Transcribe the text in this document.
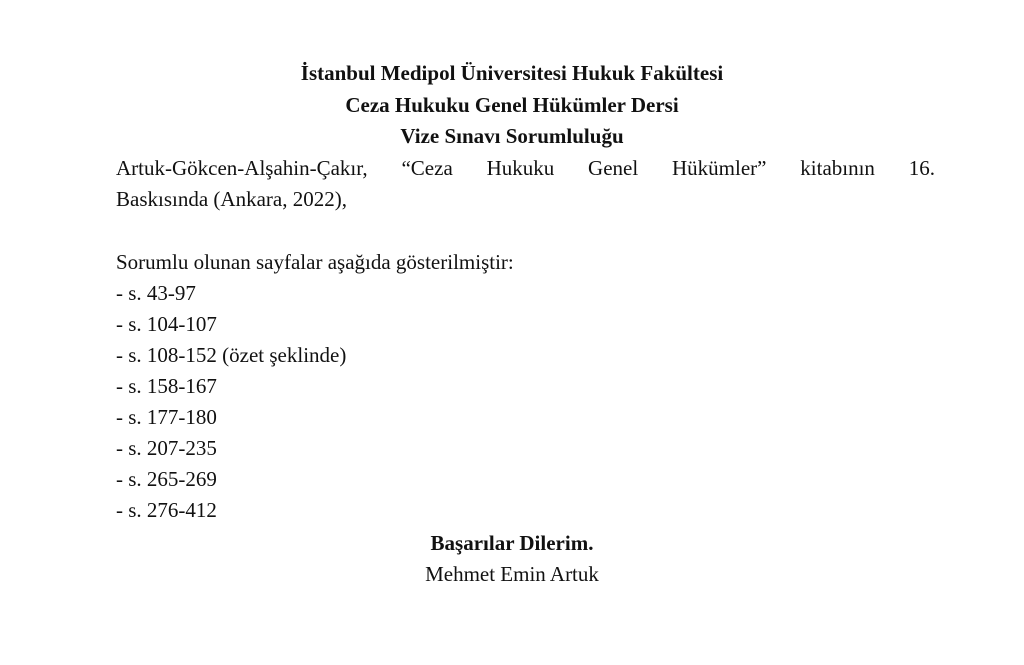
İstanbul Medipol Üniversitesi Hukuk Fakültesi
Ceza Hukuku Genel Hükümler Dersi
Vize Sınavı Sorumluluğu
Artuk-Gökcen-Alşahin-Çakır, “Ceza Hukuku Genel Hükümler” kitabının 16.
Baskısında (Ankara, 2022),
Sorumlu olunan sayfalar aşağıda gösterilmiştir:
- s. 43-97
- s. 104-107
- s. 108-152 (özet şeklinde)
- s. 158-167
- s. 177-180
- s. 207-235
- s. 265-269
- s. 276-412
Başarılar Dilerim.
Mehmet Emin Artuk
